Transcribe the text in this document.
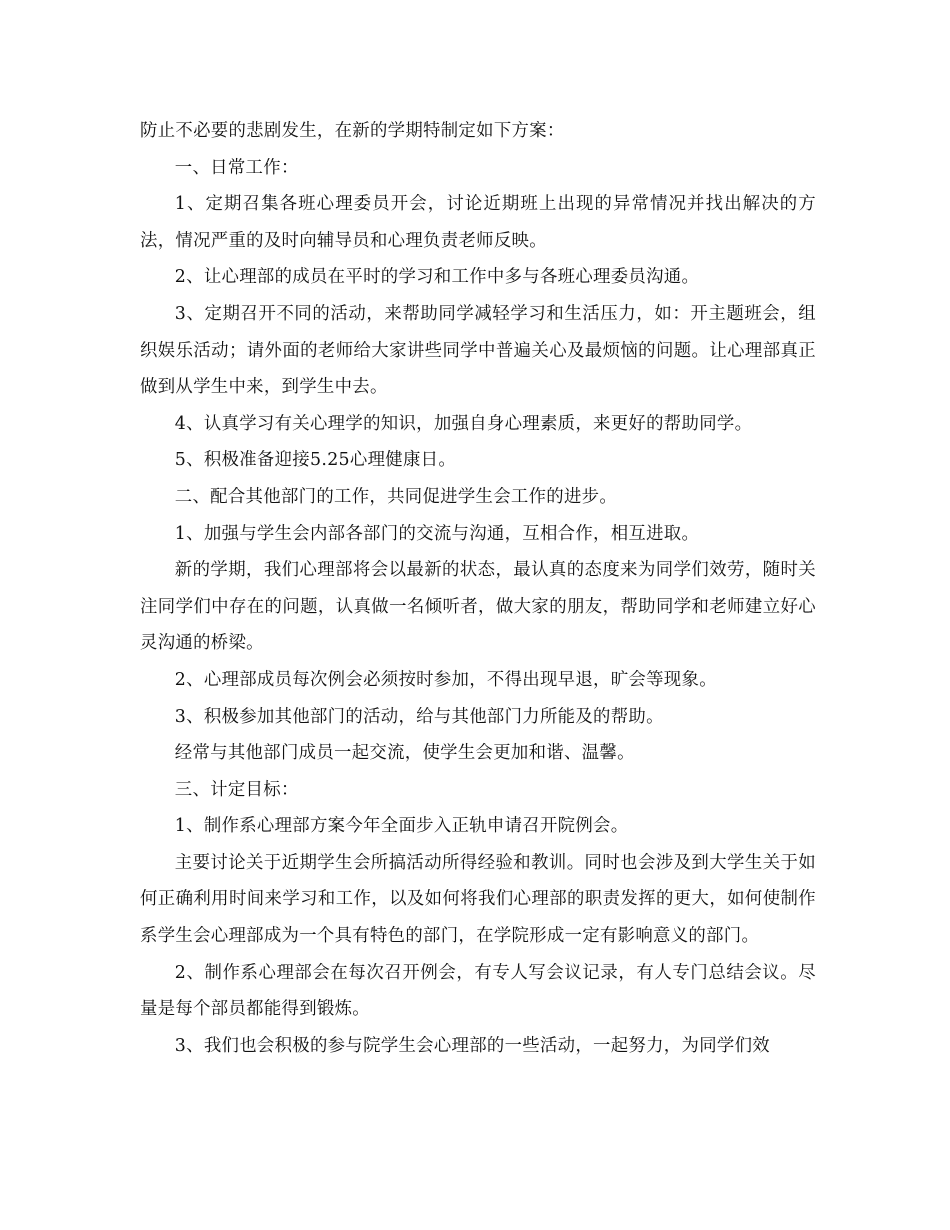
防止不必要的悲剧发生，在新的学期特制定如下方案：

一、日常工作：

1、定期召集各班心理委员开会，讨论近期班上出现的异常情况并找出解决的方法，情况严重的及时向辅导员和心理负责老师反映。

2、让心理部的成员在平时的学习和工作中多与各班心理委员沟通。

3、定期召开不同的活动，来帮助同学减轻学习和生活压力，如：开主题班会，组织娱乐活动；请外面的老师给大家讲些同学中普遍关心及最烦恼的问题。让心理部真正做到从学生中来，到学生中去。

4、认真学习有关心理学的知识，加强自身心理素质，来更好的帮助同学。

5、积极准备迎接5.25心理健康日。

二、配合其他部门的工作，共同促进学生会工作的进步。

1、加强与学生会内部各部门的交流与沟通，互相合作，相互进取。

新的学期，我们心理部将会以最新的状态，最认真的态度来为同学们效劳，随时关注同学们中存在的问题，认真做一名倾听者，做大家的朋友，帮助同学和老师建立好心灵沟通的桥梁。

2、心理部成员每次例会必须按时参加，不得出现早退，旷会等现象。

3、积极参加其他部门的活动，给与其他部门力所能及的帮助。

经常与其他部门成员一起交流，使学生会更加和谐、温馨。

三、计定目标：

1、制作系心理部方案今年全面步入正轨申请召开院例会。

主要讨论关于近期学生会所搞活动所得经验和教训。同时也会涉及到大学生关于如何正确利用时间来学习和工作，以及如何将我们心理部的职责发挥的更大，如何使制作系学生会心理部成为一个具有特色的部门，在学院形成一定有影响意义的部门。

2、制作系心理部会在每次召开例会，有专人写会议记录，有人专门总结会议。尽量是每个部员都能得到锻炼。

3、我们也会积极的参与院学生会心理部的一些活动，一起努力，为同学们效
